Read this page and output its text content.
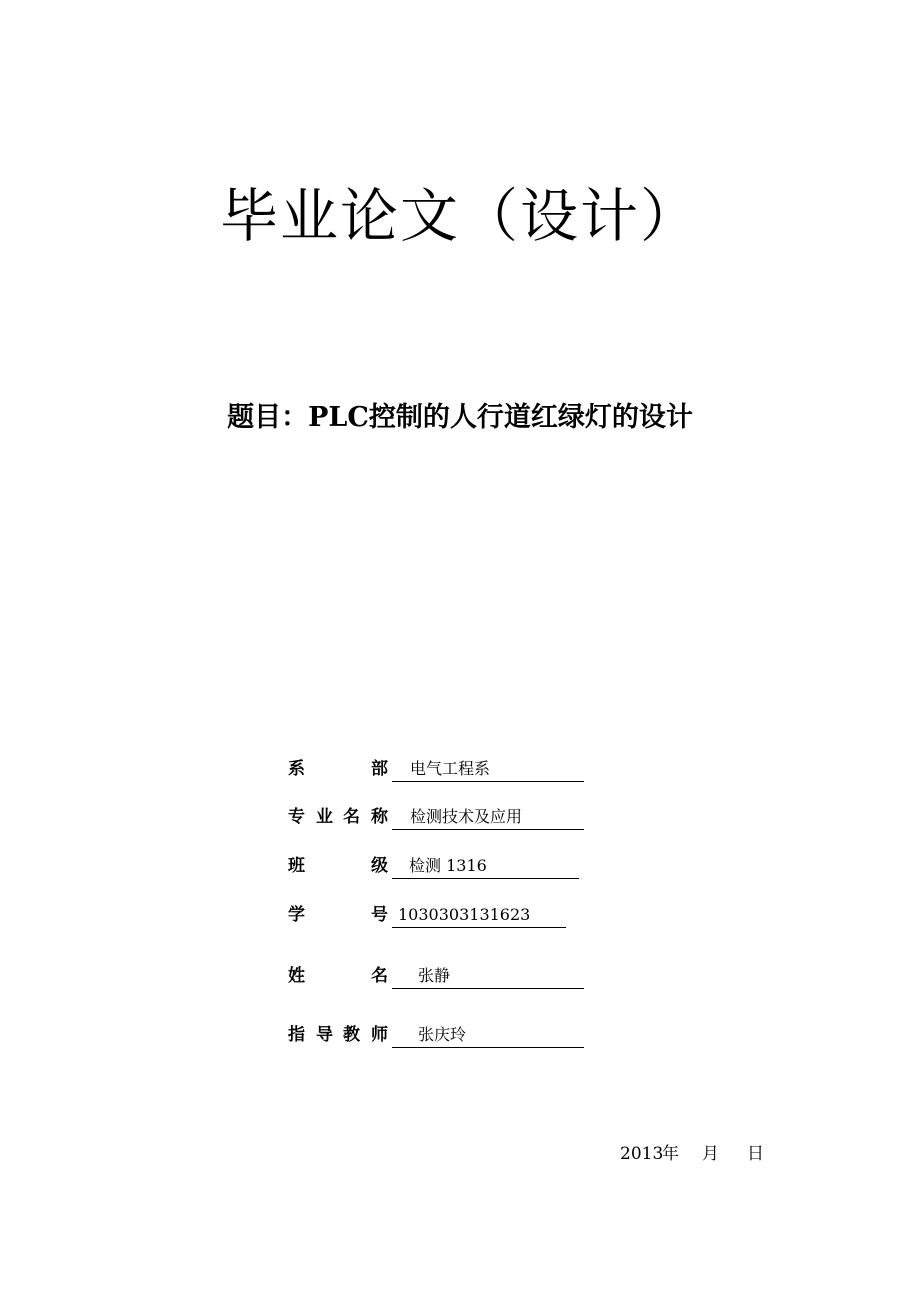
毕业论文（设计）
题目：PLC控制的人行道红绿灯的设计
系	部 电气工程系
专 业 名 称 检测技术及应用
班	级 检测 1316
学	号 1030303131623
姓	名 张静
指 导 教 师 张庆玲
2013
年 月 日
